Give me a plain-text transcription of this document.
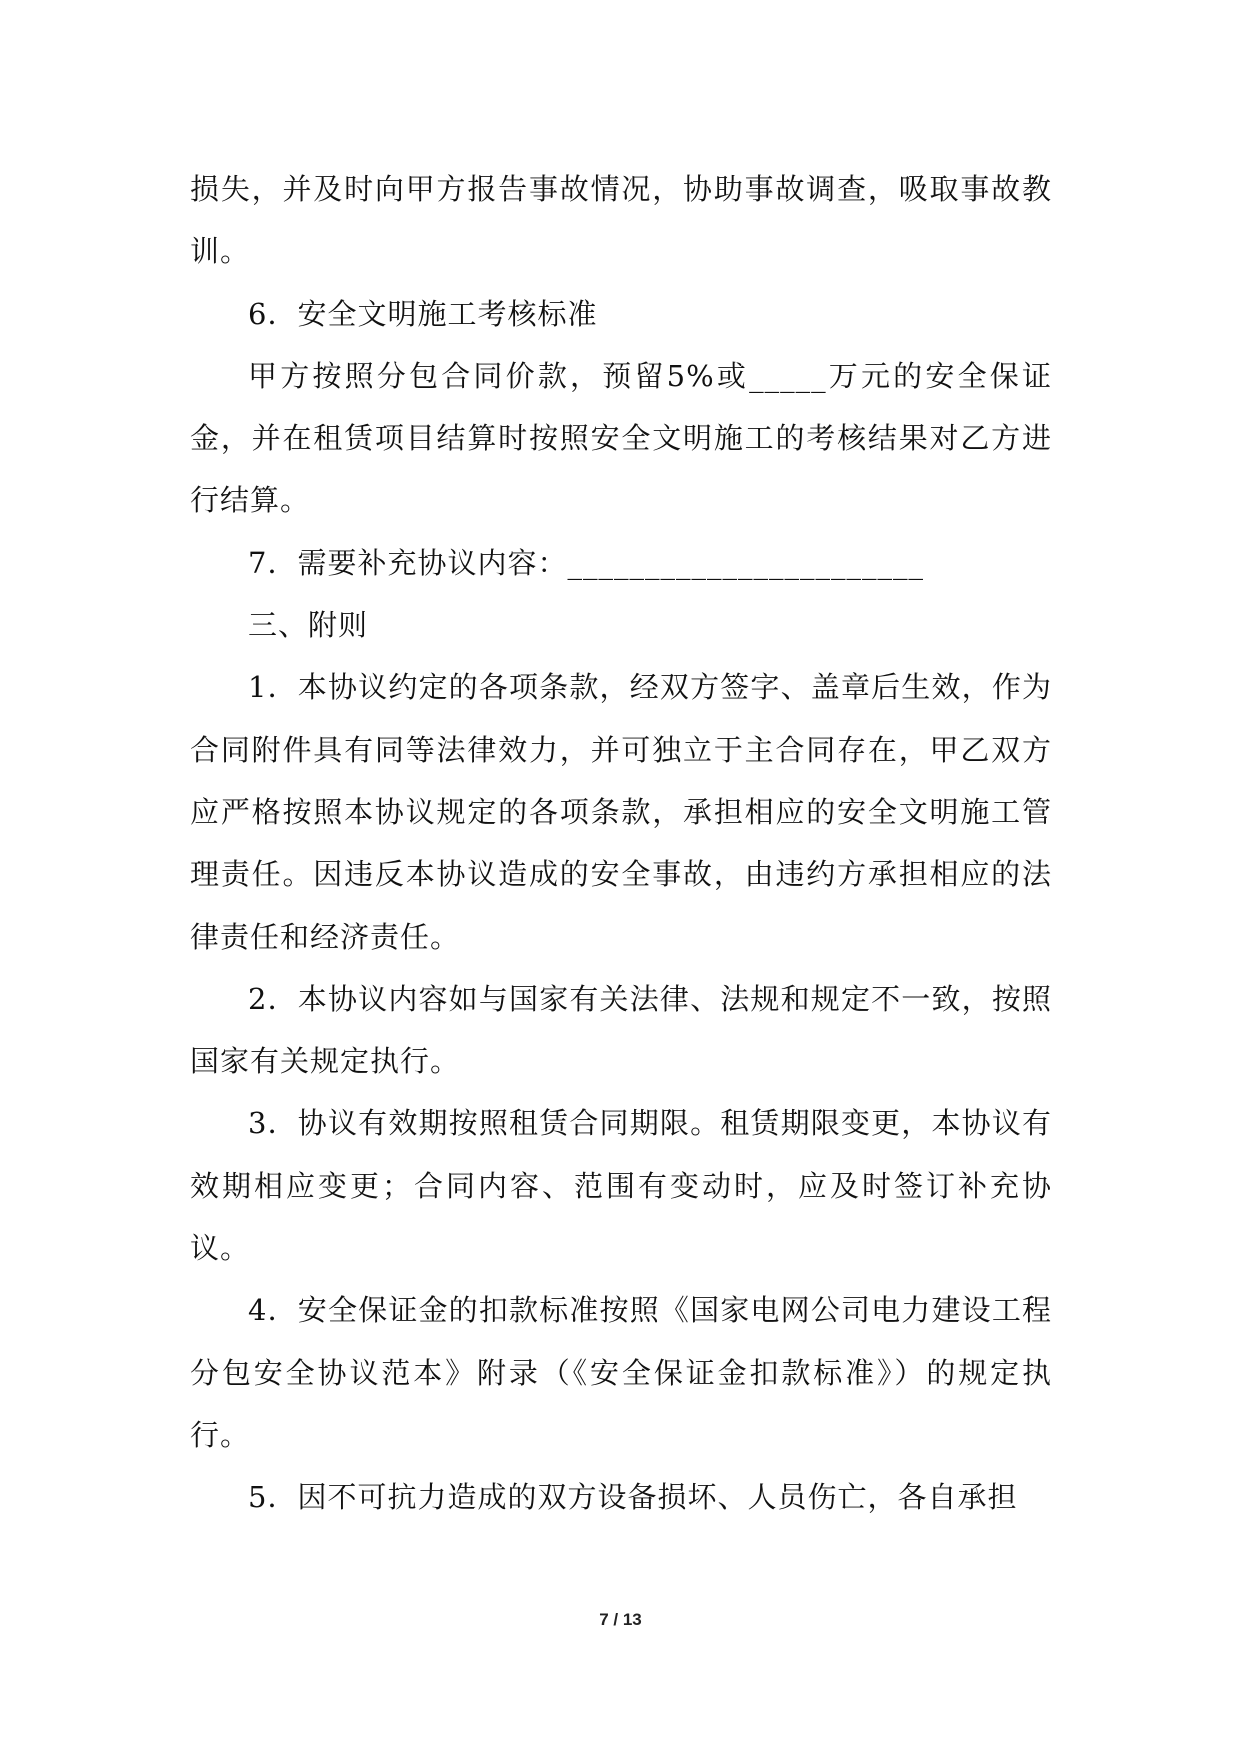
损失，并及时向甲方报告事故情况，协助事故调查，吸取事故教训。

6．安全文明施工考核标准

甲方按照分包合同价款，预留5%或_____万元的安全保证金，并在租赁项目结算时按照安全文明施工的考核结果对乙方进行结算。

7．需要补充协议内容：_______________________

三、附则

1．本协议约定的各项条款，经双方签字、盖章后生效，作为合同附件具有同等法律效力，并可独立于主合同存在，甲乙双方应严格按照本协议规定的各项条款，承担相应的安全文明施工管理责任。因违反本协议造成的安全事故，由违约方承担相应的法律责任和经济责任。

2．本协议内容如与国家有关法律、法规和规定不一致，按照国家有关规定执行。

3．协议有效期按照租赁合同期限。租赁期限变更，本协议有效期相应变更；合同内容、范围有变动时，应及时签订补充协议。

4．安全保证金的扣款标准按照《国家电网公司电力建设工程分包安全协议范本》附录（《安全保证金扣款标准》）的规定执行。

5．因不可抗力造成的双方设备损坏、人员伤亡，各自承担

7 / 13
